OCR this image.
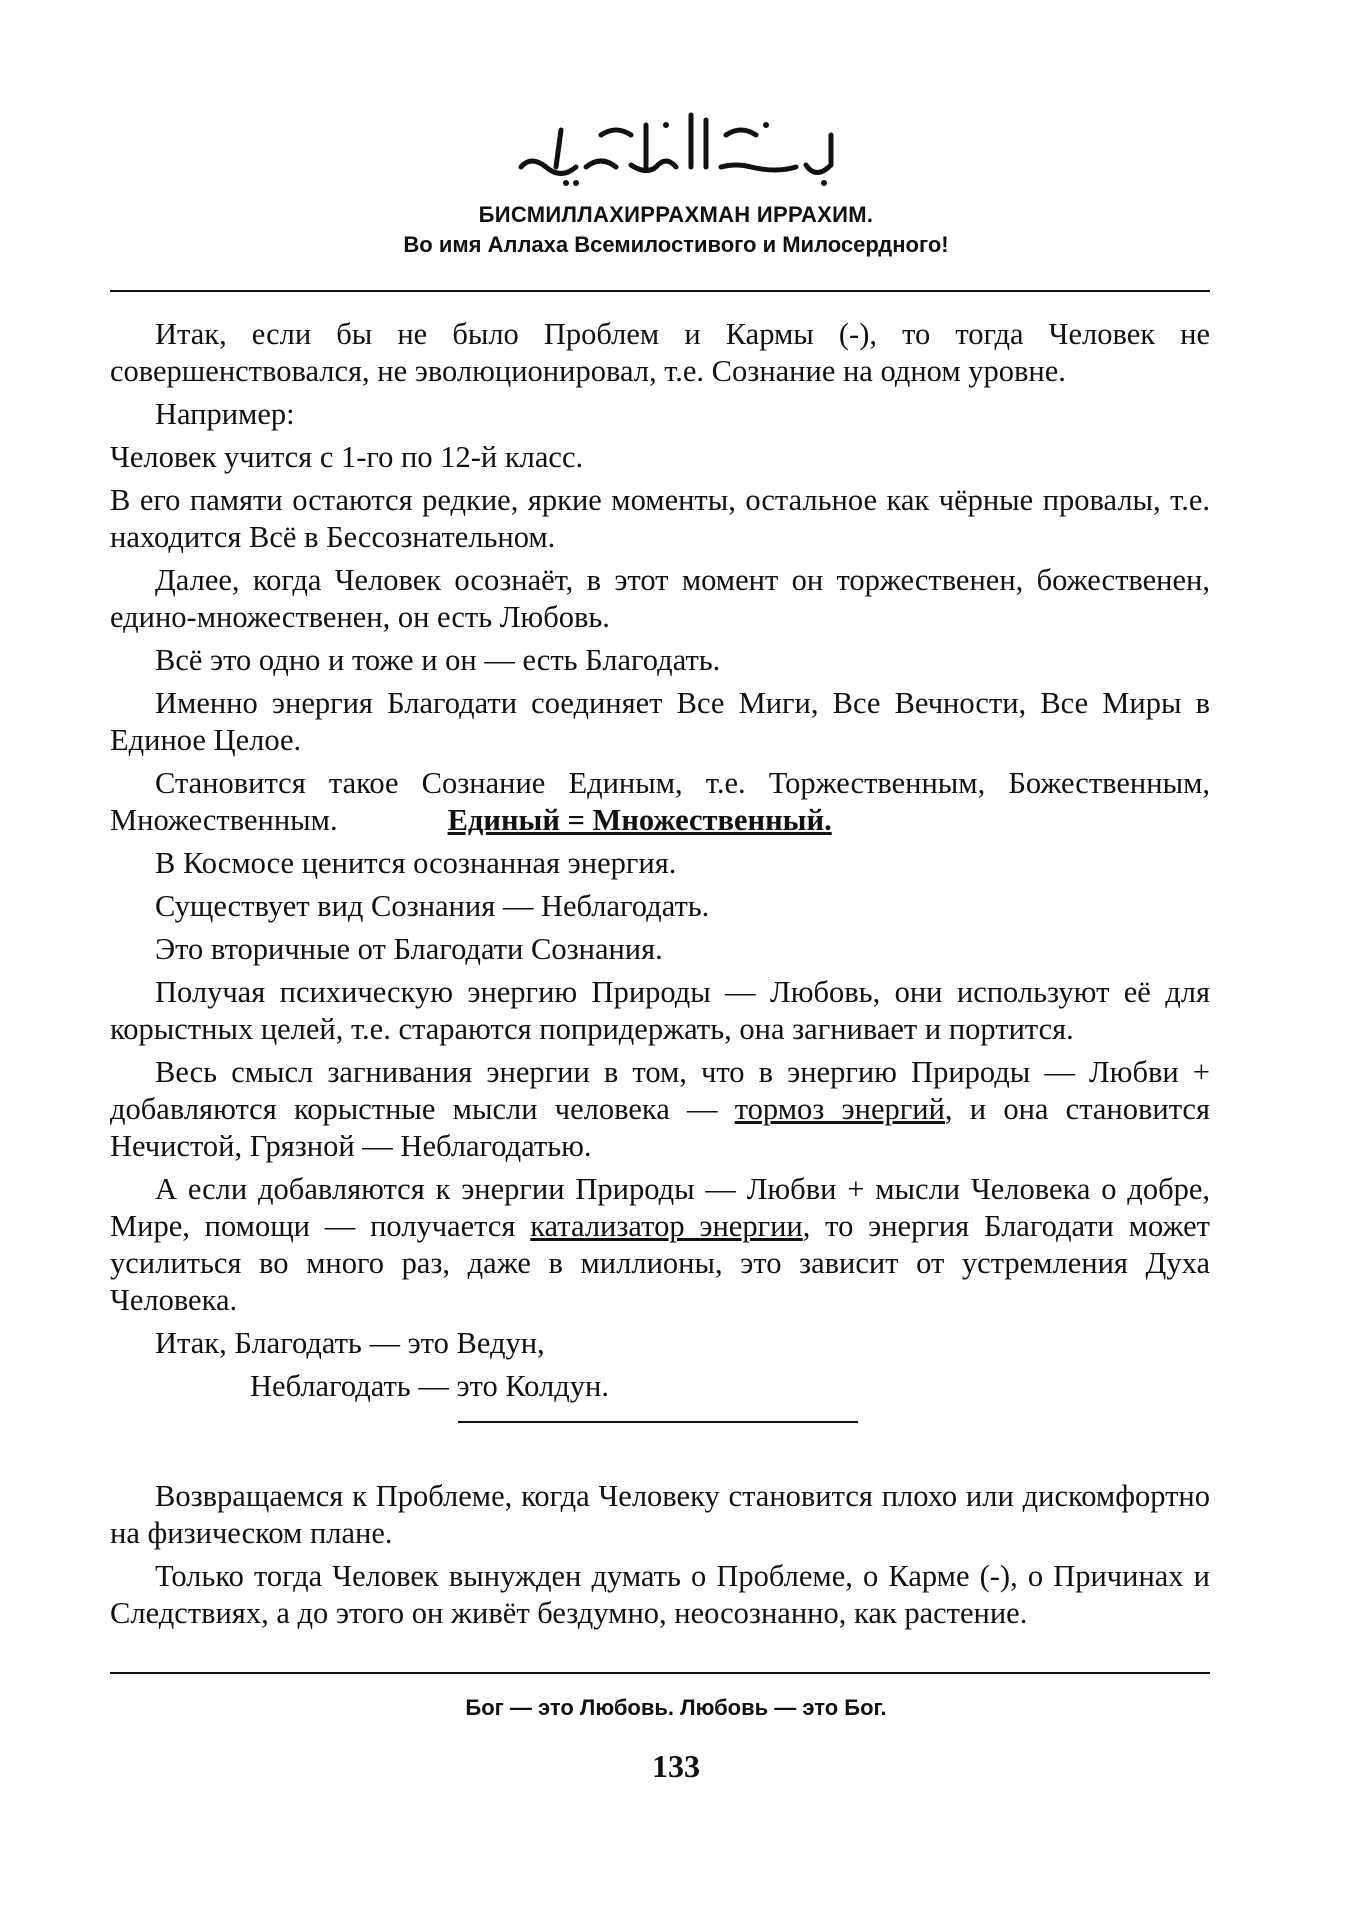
БИСМИЛЛАХИРРАХМАН ИРРАХИМ.
Во имя Аллаха Всемилостивого и Милосердного!

Итак, если бы не было Проблем и Кармы (-), то тогда Человек не совершенствовался, не эволюционировал, т.е. Сознание на одном уровне.

Например:

Человек учится с 1-го по 12-й класс.

В его памяти остаются редкие, яркие моменты, остальное как чёрные провалы, т.е. находится Всё в Бессознательном.

Далее, когда Человек осознаёт, в этот момент он торжественен, божественен, едино-множественен, он есть Любовь.

Всё это одно и тоже и он — есть Благодать.

Именно энергия Благодати соединяет Все Миги, Все Вечности, Все Миры в Единое Целое.

Становится такое Сознание Единым, т.е. Торжественным, Божественным, Множественным.	Единый = Множественный.

В Космосе ценится осознанная энергия.

Существует вид Сознания — Неблагодать.

Это вторичные от Благодати Сознания.

Получая психическую энергию Природы — Любовь, они используют её для корыстных целей, т.е. стараются попридержать, она загнивает и портится.

Весь смысл загнивания энергии в том, что в энергию Природы — Любви + добавляются корыстные мысли человека — тормоз энергий, и она становится Нечистой, Грязной — Неблагодатью.

А если добавляются к энергии Природы — Любви + мысли Человека о добре, Мире, помощи — получается катализатор энергии, то энергия Благодати может усилиться во много раз, даже в миллионы, это зависит от устремления Духа Человека.

Итак, Благодать — это Ведун,

Неблагодать — это Колдун.

Возвращаемся к Проблеме, когда Человеку становится плохо или дискомфортно на физическом плане.

Только тогда Человек вынужден думать о Проблеме, о Карме (-), о Причинах и Следствиях, а до этого он живёт бездумно, неосознанно, как растение.

Бог — это Любовь. Любовь — это Бог.
133
